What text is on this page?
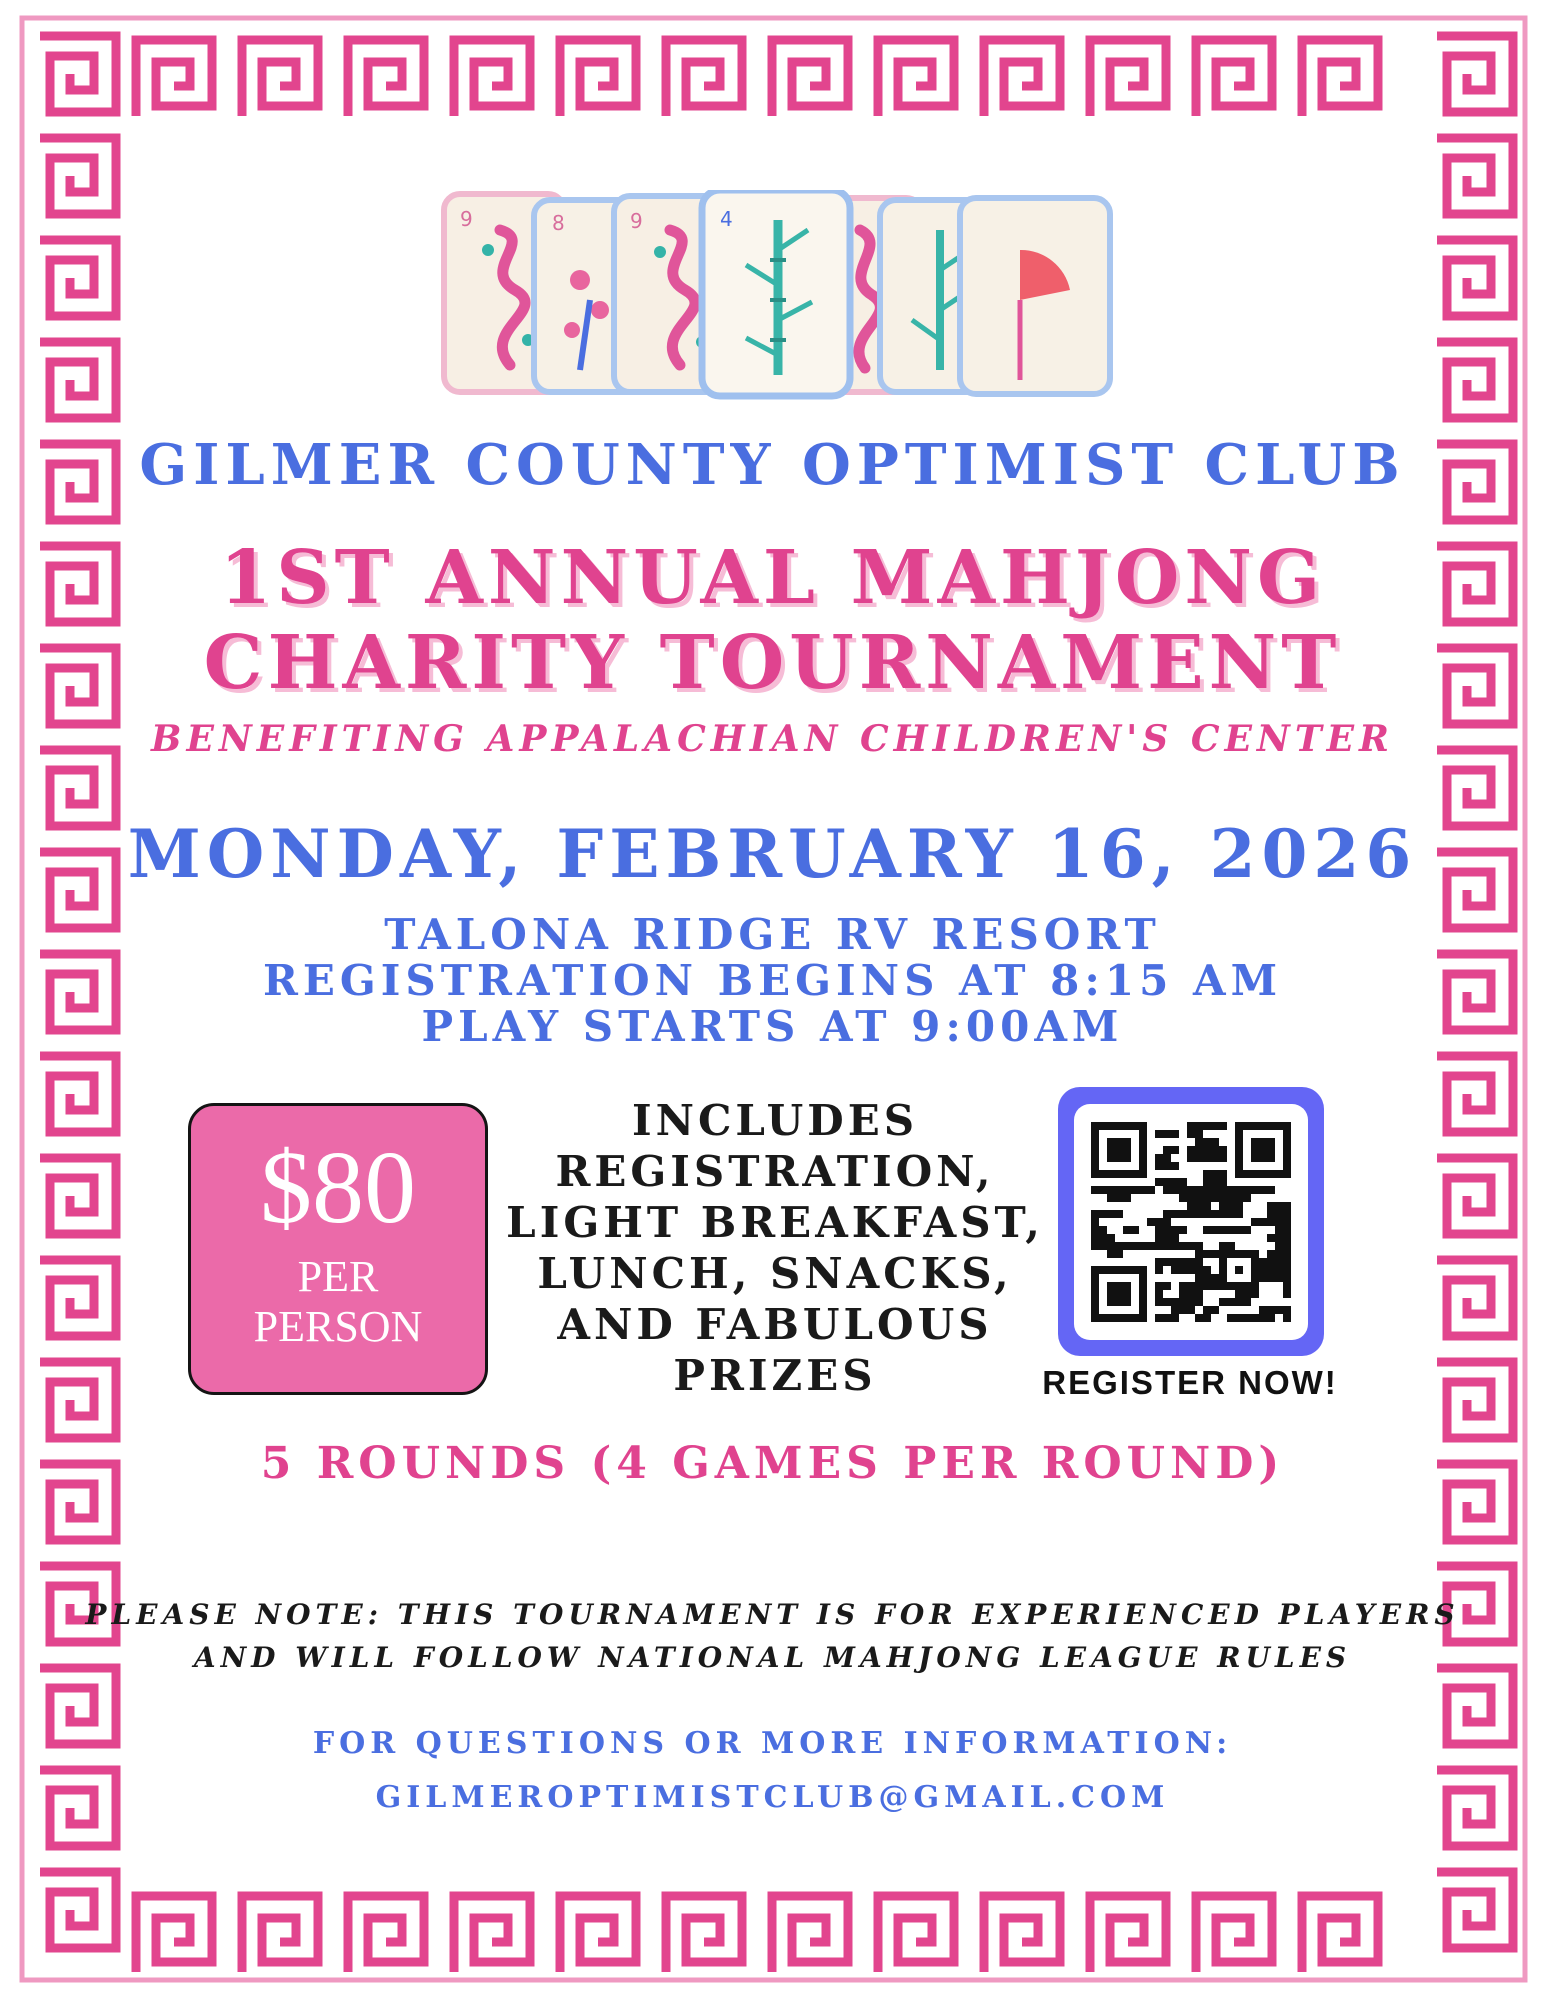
9	8	9	4
GILMER COUNTY OPTIMIST CLUB
1ST ANNUAL MAHJONG
CHARITY TOURNAMENT
BENEFITING APPALACHIAN CHILDREN'S CENTER
MONDAY, FEBRUARY 16, 2026
TALONA RIDGE RV RESORT
REGISTRATION BEGINS AT 8:15 AM
PLAY STARTS AT 9:00AM
$80
PER
PERSON
INCLUDES
REGISTRATION,
LIGHT BREAKFAST,
LUNCH, SNACKS,
AND FABULOUS
PRIZES	REGISTER NOW!
5 ROUNDS (4 GAMES PER ROUND)
PLEASE NOTE: THIS TOURNAMENT IS FOR EXPERIENCED PLAYERS
AND WILL FOLLOW NATIONAL MAHJONG LEAGUE RULES
FOR QUESTIONS OR MORE INFORMATION:
GILMEROPTIMISTCLUB@GMAIL.COM
